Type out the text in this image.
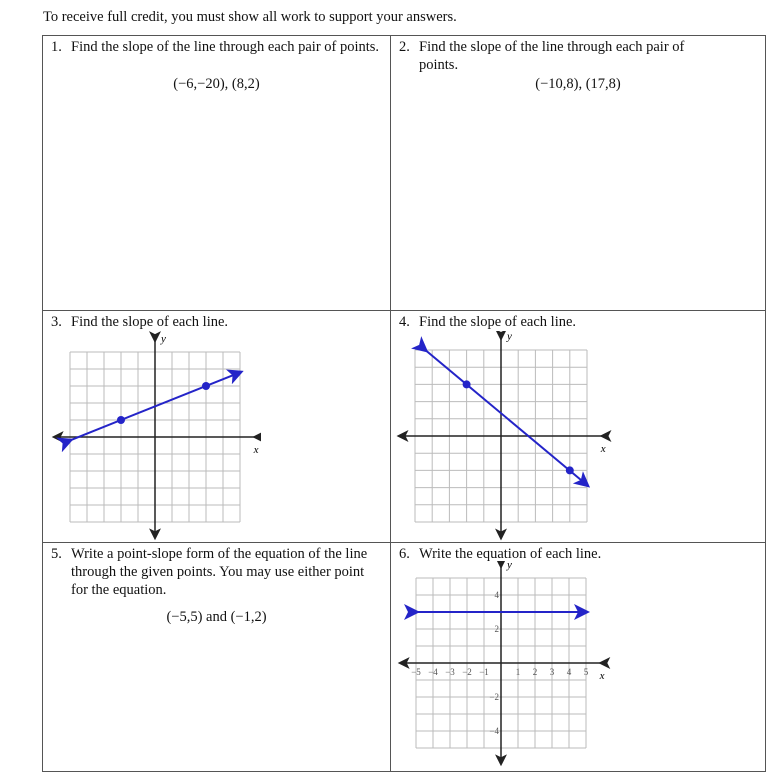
To receive full credit, you must show all work to support your answers.
1. Find the slope of the line through each pair of points.
(−6,−20), (8,2)
2. Find the slope of the line through each pair of points.
(−10,8), (17,8)
3. Find the slope of each line.
x
y
4. Find the slope of each line.
x
y
5. Write a point-slope form of the equation of the line through the given points. You may use either point for the equation.
(−5,5) and (−1,2)
6. Write the equation of each line.
x
y
−5 −4 −3 −2 −1	1 2 3 4 5
4
2
−2
−4
